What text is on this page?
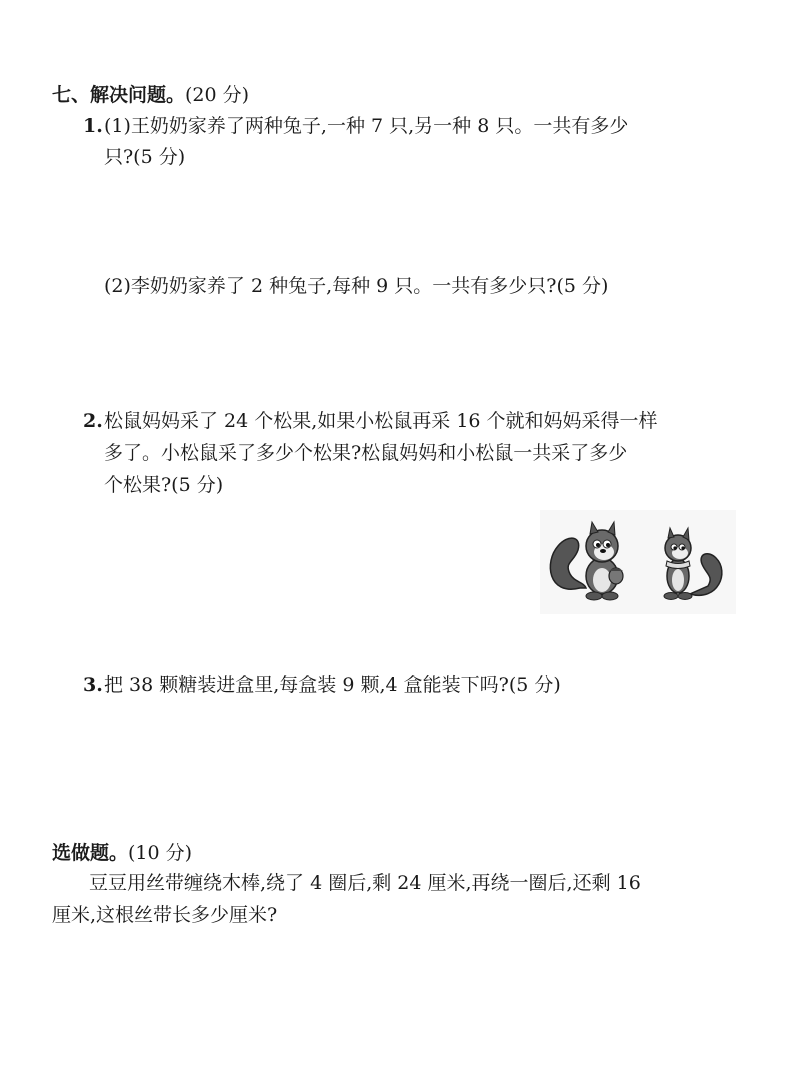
七、解决问题。(20 分)
1. (1)王奶奶家养了两种兔子,一种 7 只,另一种 8 只。一共有多少
只?(5 分)
(2)李奶奶家养了 2 种兔子,每种 9 只。一共有多少只?(5 分)
2. 松鼠妈妈采了 24 个松果,如果小松鼠再采 16 个就和妈妈采得一样
多了。小松鼠采了多少个松果?松鼠妈妈和小松鼠一共采了多少
个松果?(5 分)
3. 把 38 颗糖装进盒里,每盒装 9 颗,4 盒能装下吗?(5 分)
选做题。(10 分)
豆豆用丝带缠绕木棒,绕了 4 圈后,剩 24 厘米,再绕一圈后,还剩 16
厘米,这根丝带长多少厘米?
